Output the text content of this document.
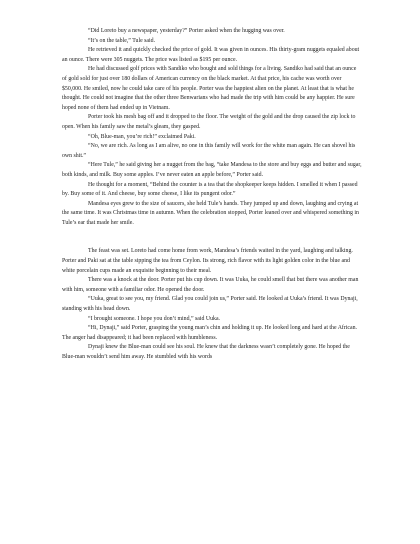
“Did Loreto buy a newspaper, yesterday?” Porter asked when the hugging was over.

“It’s on the table,” Tule said.

He retrieved it and quickly checked the price of gold. It was given in ounces. His thirty-gram nuggets equaled about an ounce. There were 305 nuggets. The price was listed as $195 per ounce.

He had discussed golf prices with Sandiko who bought and sold things for a living. Sandiko had said that an ounce of gold sold for just over 180 dollars of American currency on the black market. At that price, his cache was worth over $50,000. He smiled, now he could take care of his people. Porter was the happiest alien on the planet. At least that is what he thought. He could not imagine that the other three Benwarians who had made the trip with him could be any happier. He sure hoped none of them had ended up in Vietnam.

Porter took his mesh bag off and it dropped to the floor. The weight of the gold and the drop caused the zip lock to open. When his family saw the metal’s gleam, they gasped.

“Oh, Blue-man, you’re rich!” exclaimed Paki.

“No, we are rich. As long as I am alive, no one in this family will work for the white man again. He can shovel his own shit.”

“Here Tule,” he said giving her a nugget from the bag, “take Mandesa to the store and buy eggs and butter and sugar, both kinds, and milk. Buy some apples. I’ve never eaten an apple before,” Porter said.

He thought for a moment, “Behind the counter is a tea that the shopkeeper keeps hidden. I smelled it when I passed by. Buy some of it. And cheese, buy some cheese, I like its pungent odor.”

Mandesa eyes grew to the size of saucers, she held Tule’s hands. They jumped up and down, laughing and crying at the same time. It was Christmas time in autumn. When the celebration stopped, Porter leaned over and whispered something in Tule’s ear that made her smile.

The feast was set. Loreto had come home from work, Mandesa’s friends waited in the yard, laughing and talking. Porter and Paki sat at the table sipping the tea from Ceylon. Its strong, rich flavor with its light golden color in the blue and white porcelain cups made an exquisite beginning to their meal.

There was a knock at the door. Porter put his cup down. It was Uuka, he could smell that but there was another man with him, someone with a familiar odor. He opened the door.

“Uuka, great to see you, my friend. Glad you could join us,” Porter said. He looked at Uuka’s friend. It was Dynaji, standing with his head down.

“I brought someone. I hope you don’t mind,” said Uuka.

“Hi, Dynaji,” said Porter, grasping the young man’s chin and holding it up. He looked long and hard at the African. The anger had disappeared; it had been replaced with humbleness.

Dynaji knew the Blue-man could see his soul. He knew that the darkness wasn’t completely gone. He hoped the Blue-man wouldn’t send him away. He stumbled with his words
